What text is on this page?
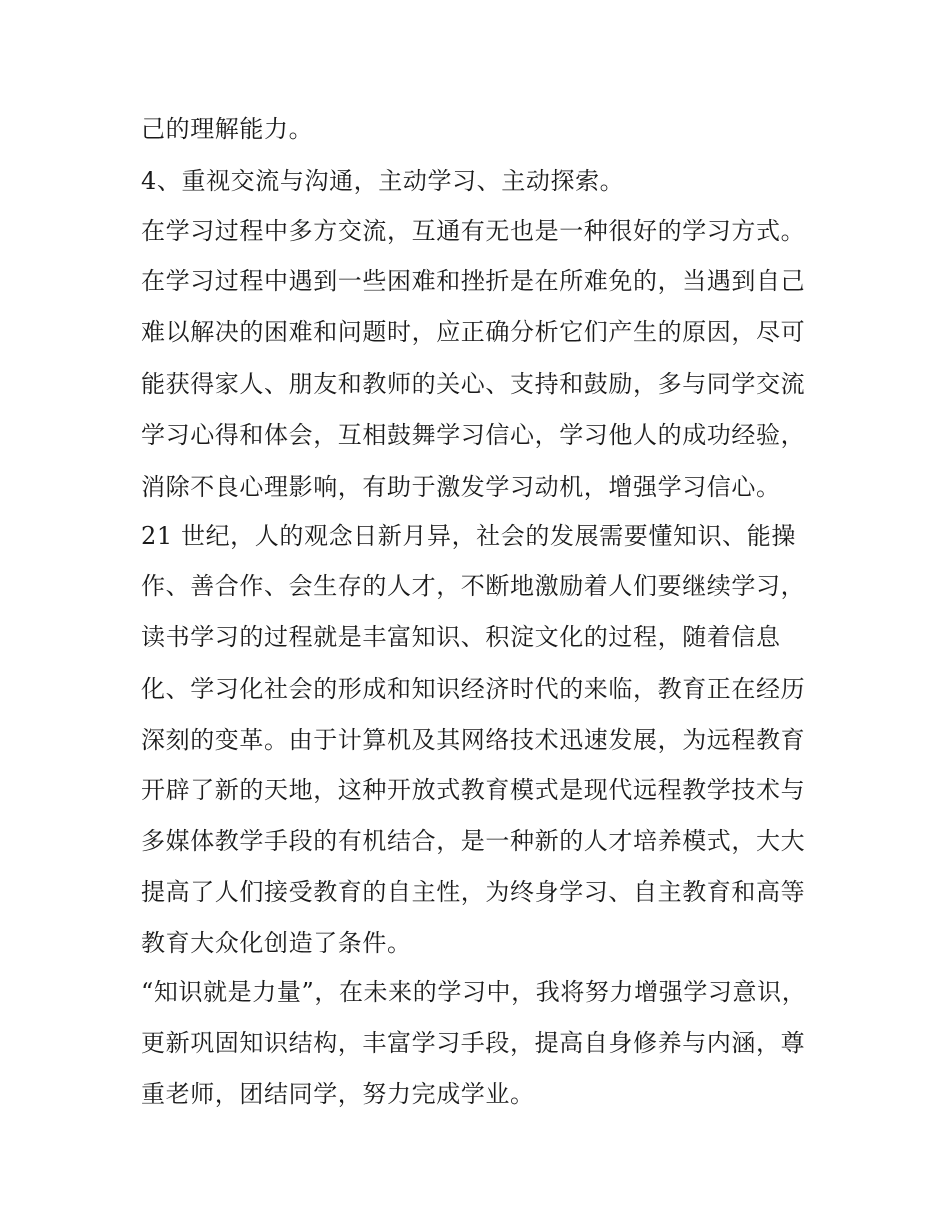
己的理解能力。

4、重视交流与沟通，主动学习、主动探索。

在学习过程中多方交流，互通有无也是一种很好的学习方式。

在学习过程中遇到一些困难和挫折是在所难免的，当遇到自己

难以解决的困难和问题时，应正确分析它们产生的原因，尽可

能获得家人、朋友和教师的关心、支持和鼓励，多与同学交流

学习心得和体会，互相鼓舞学习信心，学习他人的成功经验，

消除不良心理影响，有助于激发学习动机，增强学习信心。

21 世纪，人的观念日新月异，社会的发展需要懂知识、能操

作、善合作、会生存的人才，不断地激励着人们要继续学习，

读书学习的过程就是丰富知识、积淀文化的过程，随着信息

化、学习化社会的形成和知识经济时代的来临，教育正在经历

深刻的变革。由于计算机及其网络技术迅速发展，为远程教育

开辟了新的天地，这种开放式教育模式是现代远程教学技术与

多媒体教学手段的有机结合，是一种新的人才培养模式，大大

提高了人们接受教育的自主性，为终身学习、自主教育和高等

教育大众化创造了条件。

“知识就是力量”，在未来的学习中，我将努力增强学习意识，

更新巩固知识结构，丰富学习手段，提高自身修养与内涵，尊

重老师，团结同学，努力完成学业。
